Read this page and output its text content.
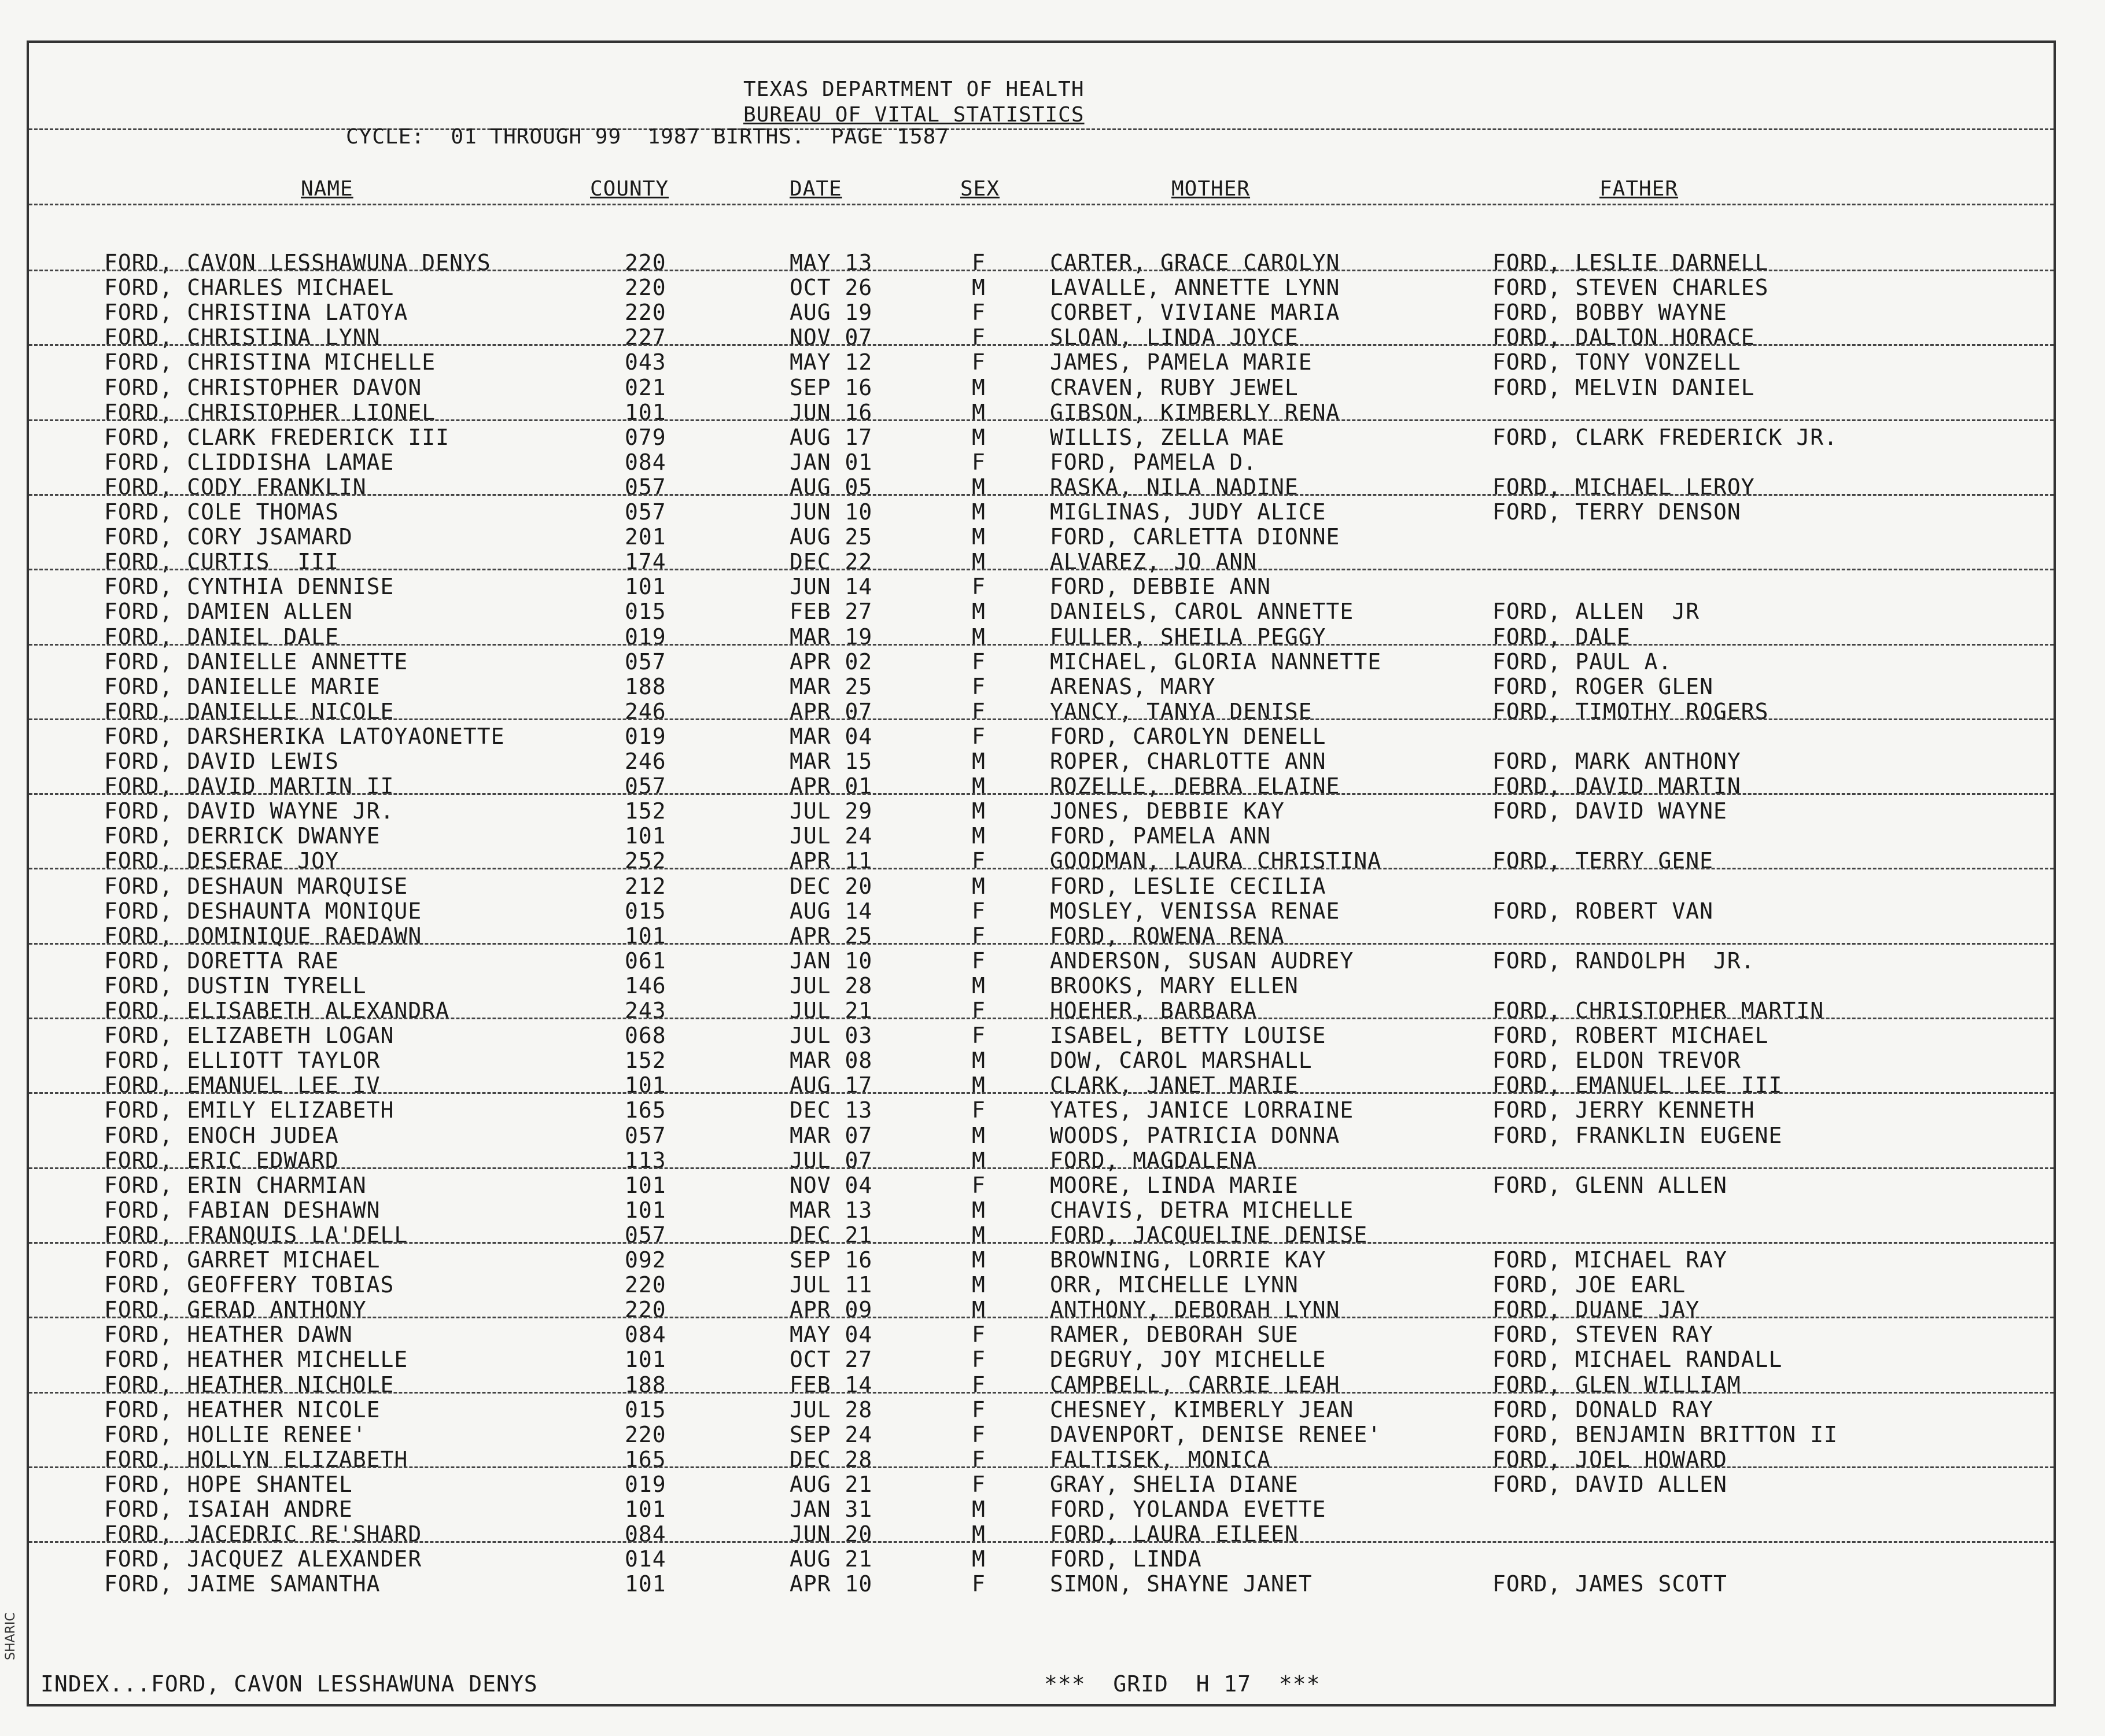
TEXAS DEPARTMENT OF HEALTH
BUREAU OF VITAL STATISTICS
CYCLE:  01 THROUGH 99  1987 BIRTHS.  PAGE 1587
NAME	COUNTY	DATE	SEX	MOTHER	FATHER
FORD, CAVON LESSHAWUNA DENYS	220	MAY 13	F	CARTER, GRACE CAROLYN	FORD, LESLIE DARNELL
FORD, CHARLES MICHAEL	220	OCT 26	M	LAVALLE, ANNETTE LYNN	FORD, STEVEN CHARLES
FORD, CHRISTINA LATOYA	220	AUG 19	F	CORBET, VIVIANE MARIA	FORD, BOBBY WAYNE
FORD, CHRISTINA LYNN	227	NOV 07	F	SLOAN, LINDA JOYCE	FORD, DALTON HORACE
FORD, CHRISTINA MICHELLE	043	MAY 12	F	JAMES, PAMELA MARIE	FORD, TONY VONZELL
FORD, CHRISTOPHER DAVON	021	SEP 16	M	CRAVEN, RUBY JEWEL	FORD, MELVIN DANIEL
FORD, CHRISTOPHER LIONEL	101	JUN 16	M	GIBSON, KIMBERLY RENA
FORD, CLARK FREDERICK III	079	AUG 17	M	WILLIS, ZELLA MAE	FORD, CLARK FREDERICK JR.
FORD, CLIDDISHA LAMAE	084	JAN 01	F	FORD, PAMELA D.
FORD, CODY FRANKLIN	057	AUG 05	M	RASKA, NILA NADINE	FORD, MICHAEL LEROY
FORD, COLE THOMAS	057	JUN 10	M	MIGLINAS, JUDY ALICE	FORD, TERRY DENSON
FORD, CORY JSAMARD	201	AUG 25	M	FORD, CARLETTA DIONNE
FORD, CURTIS  III	174	DEC 22	M	ALVAREZ, JO ANN
FORD, CYNTHIA DENNISE	101	JUN 14	F	FORD, DEBBIE ANN
FORD, DAMIEN ALLEN	015	FEB 27	M	DANIELS, CAROL ANNETTE	FORD, ALLEN  JR
FORD, DANIEL DALE	019	MAR 19	M	FULLER, SHEILA PEGGY	FORD, DALE
FORD, DANIELLE ANNETTE	057	APR 02	F	MICHAEL, GLORIA NANNETTE	FORD, PAUL A.
FORD, DANIELLE MARIE	188	MAR 25	F	ARENAS, MARY	FORD, ROGER GLEN
FORD, DANIELLE NICOLE	246	APR 07	F	YANCY, TANYA DENISE	FORD, TIMOTHY ROGERS
FORD, DARSHERIKA LATOYAONETTE	019	MAR 04	F	FORD, CAROLYN DENELL
FORD, DAVID LEWIS	246	MAR 15	M	ROPER, CHARLOTTE ANN	FORD, MARK ANTHONY
FORD, DAVID MARTIN II	057	APR 01	M	ROZELLE, DEBRA ELAINE	FORD, DAVID MARTIN
FORD, DAVID WAYNE JR.	152	JUL 29	M	JONES, DEBBIE KAY	FORD, DAVID WAYNE
FORD, DERRICK DWANYE	101	JUL 24	M	FORD, PAMELA ANN
FORD, DESERAE JOY	252	APR 11	F	GOODMAN, LAURA CHRISTINA	FORD, TERRY GENE
FORD, DESHAUN MARQUISE	212	DEC 20	M	FORD, LESLIE CECILIA
FORD, DESHAUNTA MONIQUE	015	AUG 14	F	MOSLEY, VENISSA RENAE	FORD, ROBERT VAN
FORD, DOMINIQUE RAEDAWN	101	APR 25	F	FORD, ROWENA RENA
FORD, DORETTA RAE	061	JAN 10	F	ANDERSON, SUSAN AUDREY	FORD, RANDOLPH  JR.
FORD, DUSTIN TYRELL	146	JUL 28	M	BROOKS, MARY ELLEN
FORD, ELISABETH ALEXANDRA	243	JUL 21	F	HOEHER, BARBARA	FORD, CHRISTOPHER MARTIN
FORD, ELIZABETH LOGAN	068	JUL 03	F	ISABEL, BETTY LOUISE	FORD, ROBERT MICHAEL
FORD, ELLIOTT TAYLOR	152	MAR 08	M	DOW, CAROL MARSHALL	FORD, ELDON TREVOR
FORD, EMANUEL LEE IV	101	AUG 17	M	CLARK, JANET MARIE	FORD, EMANUEL LEE III
FORD, EMILY ELIZABETH	165	DEC 13	F	YATES, JANICE LORRAINE	FORD, JERRY KENNETH
FORD, ENOCH JUDEA	057	MAR 07	M	WOODS, PATRICIA DONNA	FORD, FRANKLIN EUGENE
FORD, ERIC EDWARD	113	JUL 07	M	FORD, MAGDALENA
FORD, ERIN CHARMIAN	101	NOV 04	F	MOORE, LINDA MARIE	FORD, GLENN ALLEN
FORD, FABIAN DESHAWN	101	MAR 13	M	CHAVIS, DETRA MICHELLE
FORD, FRANQUIS LA'DELL	057	DEC 21	M	FORD, JACQUELINE DENISE
FORD, GARRET MICHAEL	092	SEP 16	M	BROWNING, LORRIE KAY	FORD, MICHAEL RAY
FORD, GEOFFERY TOBIAS	220	JUL 11	M	ORR, MICHELLE LYNN	FORD, JOE EARL
FORD, GERAD ANTHONY	220	APR 09	M	ANTHONY, DEBORAH LYNN	FORD, DUANE JAY
FORD, HEATHER DAWN	084	MAY 04	F	RAMER, DEBORAH SUE	FORD, STEVEN RAY
FORD, HEATHER MICHELLE	101	OCT 27	F	DEGRUY, JOY MICHELLE	FORD, MICHAEL RANDALL
FORD, HEATHER NICHOLE	188	FEB 14	F	CAMPBELL, CARRIE LEAH	FORD, GLEN WILLIAM
FORD, HEATHER NICOLE	015	JUL 28	F	CHESNEY, KIMBERLY JEAN	FORD, DONALD RAY
FORD, HOLLIE RENEE'	220	SEP 24	F	DAVENPORT, DENISE RENEE'	FORD, BENJAMIN BRITTON II
FORD, HOLLYN ELIZABETH	165	DEC 28	F	FALTISEK, MONICA	FORD, JOEL HOWARD
FORD, HOPE SHANTEL	019	AUG 21	F	GRAY, SHELIA DIANE	FORD, DAVID ALLEN
FORD, ISAIAH ANDRE	101	JAN 31	M	FORD, YOLANDA EVETTE
FORD, JACEDRIC RE'SHARD	084	JUN 20	M	FORD, LAURA EILEEN
FORD, JACQUEZ ALEXANDER	014	AUG 21	M	FORD, LINDA
FORD, JAIME SAMANTHA	101	APR 10	F	SIMON, SHAYNE JANET	FORD, JAMES SCOTT
INDEX...FORD, CAVON LESSHAWUNA DENYS	***  GRID  H 17  ***
SHARIC
